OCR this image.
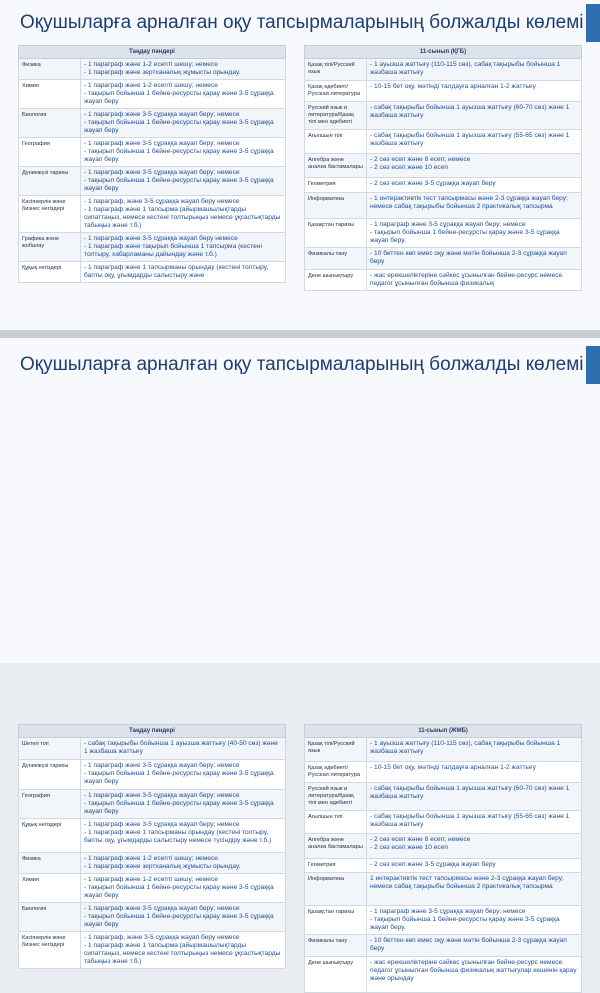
Оқушыларға арналған оқу тапсырмаларының болжалды көлемі
Таңдау пәндері	
Физика	- 1 параграф және 1-2 есепті шешу; немесе
- 1 параграф және зертханалық жұмысты орындау.
Химия	- 1 параграф және 1-2 есепті шешу; немесе
- тақырып бойынша 1 бейне-ресурсты қарау және 3-5 сұраққа жауап беру
Биология	- 1 параграф және 3-5 сұраққа жауап беру; немесе
- тақырып бойынша 1 бейне-ресурсты қарау және 3-5 сұраққа жауап беру
География	- 1 параграф және 3-5 сұраққа жауап беру; немесе
- тақырып бойынша 1 бейне-ресурсты қарау және 3-5 сұраққа жауап беру
Дүниежүзі тарихы	- 1 параграф және 3-5 сұраққа жауап беру; немесе
- тақырып бойынша 1 бейне-ресурсты қарау және 3-5 сұраққа жауап беру
Кәсіпкерлік және бизнес негіздері	- 1 параграф, және 3-5 сұраққа жауап беру немесе
- 1 параграф және 1 тапсырма (айырмашылықтарды сипаттаңыз, немесе кестені толтырыңыз немесе ұқсастықтарды табыңыз және т.б.)
Графика және жобалау	- 1 параграф және 3-5 сұраққа жауап беру немесе
- 1 параграф және тақырып бойынша 1 тапсырма (кестені толтыру, хабарламаны дайындау және т.б.)
Құқық негіздері	- 1 параграф және 1 тапсырманы орындау (кестені толтыру, бапты оқу, ұғымдарды салыстыру және
11-сынып (ҚГБ)	
Қазақ тілі/Русский язык	- 1 ауызша жаттығу (110-115 сөз), сабақ тақырыбы бойынша 1 жазбаша жаттығу
Қазақ әдебиеті/ Русская литература	- 10-15 бет оқу, мәтінді талдауға арналған 1-2 жаттығу
Русский язык и литература/Қазақ тілі мен әдебиеті	- сабақ тақырыбы бойынша 1 ауызша жаттығу (60-70 сөз) және 1 жазбаша жаттығу
Ағылшын тілі	- сабақ тақырыбы бойынша 1 ауызша жаттығу (55-65 сөз) және 1 жазбаша жаттығу
Алгебра және анализ бастамалары	- 2 сөз есеп және 8 есеп; немесе
- 2 сөз есеп және 10 есеп
Геометрия	- 2 сөз есеп және 3-5 сұраққа жауап беру
Информатика	- 1 интерактивтік тест тапсырмасы және 2-3 сұраққа жауап беру; немесе сабақ тақырыбы бойынша 2 практикалық тапсырма
Қазақстан тарихы	- 1 параграф және 3-5 сұраққа жауап беру; немесе
- тақырып бойынша 1 бейне-ресурсты қарау және 3-5 сұраққа жауап беру.
Физикалы тану	- 10 беттен көп емес оқу және мәтін бойынша 2-3 сұраққа жауап беру
Дене шынықтыру	- жас ерекшеліктеріне сәйкес ұсынылған бейне-ресурс немесе педагог ұсынылған бойынша физикалық
Оқушыларға арналған оқу тапсырмаларының болжалды көлемі
Таңдау пәндері	
Шетел тілі	- сабақ тақырыбы бойынша 1 ауызша жаттығу (40-50 сөз) және 1 жазбаша жаттығу
Дүниежүзі тарихы	- 1 параграф және 3-5 сұраққа жауап беру; немесе
- тақырып бойынша 1 бейне-ресурсты қарау және 3-5 сұраққа жауап беру
География	- 1 параграф және 3-5 сұраққа жауап беру; немесе
- тақырып бойынша 1 бейне-ресурсты қарау және 3-5 сұраққа жауап беру
Құқық негіздері	- 1 параграф және 3-5 сұраққа жауап беру; немесе
- 1 параграф және 1 тапсырманы орындау (кестені толтыру, бапты оқу, ұғымдарды салыстыру немесе түсіндіру және т.б.)
Физика	- 1 параграф және 1-2 есепті шешу; немесе
- 1 параграф және зертханалық жұмысты орындау.
Химия	- 1 параграф және 1-2 есепті шешу; немесе
- тақырып бойынша 1 бейне-ресурсты қарау және 3-5 сұраққа жауап беру
Биология	- 1 параграф және 3-5 сұраққа жауап беру; немесе
- тақырып бойынша 1 бейне-ресурсты қарау және 3-5 сұраққа жауап беру
Кәсіпкерлік және бизнес негіздері	- 1 параграф, және 3-5 сұраққа жауап беру немесе
- 1 параграф және 1 тапсырма (айырмашылықтарды сипаттаңыз, немесе кестені толтырыңыз немесе ұқсастықтарды табыңыз және т.б.)
11-сынып (ЖМБ)	
Қазақ тілі/Русский язык	- 1 ауызша жаттығу (110-115 сөз), сабақ тақырыбы бойынша 1 жазбаша жаттығу
Қазақ әдебиеті/ Русская литература	- 10-15 бет оқу, мәтінді талдауға арналған 1-2 жаттығу
Русский язык и литература/Қазақ тілі мен әдебиеті	- сабақ тақырыбы бойынша 1 ауызша жаттығу (60-70 сөз) және 1 жазбаша жаттығу
Ағылшын тілі	- сабақ тақырыбы бойынша 1 ауызша жаттығу (55-65 сөз) және 1 жазбаша жаттығу
Алгебра және анализ бастамалары	- 2 сөз есеп және 8 есеп; немесе
- 2 сөз есеп және 10 есеп
Геометрия	- 2 сөз есеп және 3-5 сұраққа жауап беру
Информатика	1 интерактивтік тест тапсырмасы және 2-3 сұраққа жауап беру; немесе сабақ тақырыбы бойынша 2 практикалық тапсырма
Қазақстан тарихы	- 1 параграф және 3-5 сұраққа жауап беру; немесе
- тақырып бойынша 1 бейне-ресурсты қарау және 3-5 сұраққа жауап беру.
Физикалы тану	- 10 беттен көп емес оқу және мәтін бойынша 2-3 сұраққа жауап беру
Дене шынықтыру	- жас ерекшеліктеріне сәйкес ұсынылған бейне-ресурс немесе педагог ұсынылған бойынша физикалық жаттығулар кешенін қарау және орындау
